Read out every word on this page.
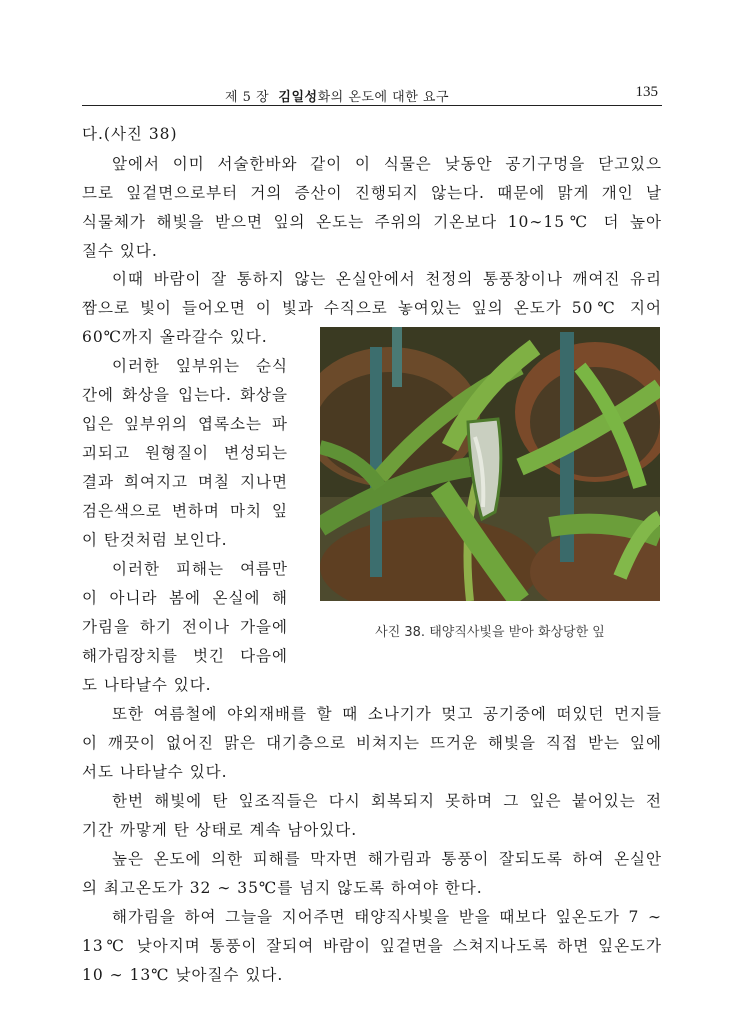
제 5 장 김일성화의 온도에 대한 요구	135
다.(사진 38)
앞에서 이미 서술한바와 같이 이 식물은 낮동안 공기구멍을 닫고있으
므로 잎겉면으로부터 거의 증산이 진행되지 않는다. 때문에 맑게 개인 날
식물체가 해빛을 받으면 잎의 온도는 주위의 기온보다 10∼15℃ 더 높아
질수 있다.
이때 바람이 잘 통하지 않는 온실안에서 천정의 통풍창이나 깨여진 유리
짬으로 빛이 들어오면 이 빛과 수직으로 놓여있는 잎의 온도가 50℃ 지어
60℃까지 올라갈수 있다.
이러한 잎부위는 순식
간에 화상을 입는다. 화상을
입은 잎부위의 엽록소는 파
괴되고 원형질이 변성되는
결과 희여지고 며칠 지나면
검은색으로 변하며 마치 잎
이 탄것처럼 보인다.
이러한 피해는 여름만
이 아니라 봄에 온실에 해
가림을 하기 전이나 가을에
해가림장치를 벗긴 다음에
도 나타날수 있다.
사진 38. 태양직사빛을 받아 화상당한 잎
또한 여름철에 야외재배를 할 때 소나기가 멎고 공기중에 떠있던 먼지들
이 깨끗이 없어진 맑은 대기층으로 비쳐지는 뜨거운 해빛을 직접 받는 잎에
서도 나타날수 있다.
한번 해빛에 탄 잎조직들은 다시 회복되지 못하며 그 잎은 붙어있는 전
기간 까맣게 탄 상태로 계속 남아있다.
높은 온도에 의한 피해를 막자면 해가림과 통풍이 잘되도록 하여 온실안
의 최고온도가 32 ∼ 35℃를 넘지 않도록 하여야 한다.
해가림을 하여 그늘을 지어주면 태양직사빛을 받을 때보다 잎온도가 7 ∼
13℃ 낮아지며 통풍이 잘되여 바람이 잎겉면을 스쳐지나도록 하면 잎온도가
10 ∼ 13℃ 낮아질수 있다.
